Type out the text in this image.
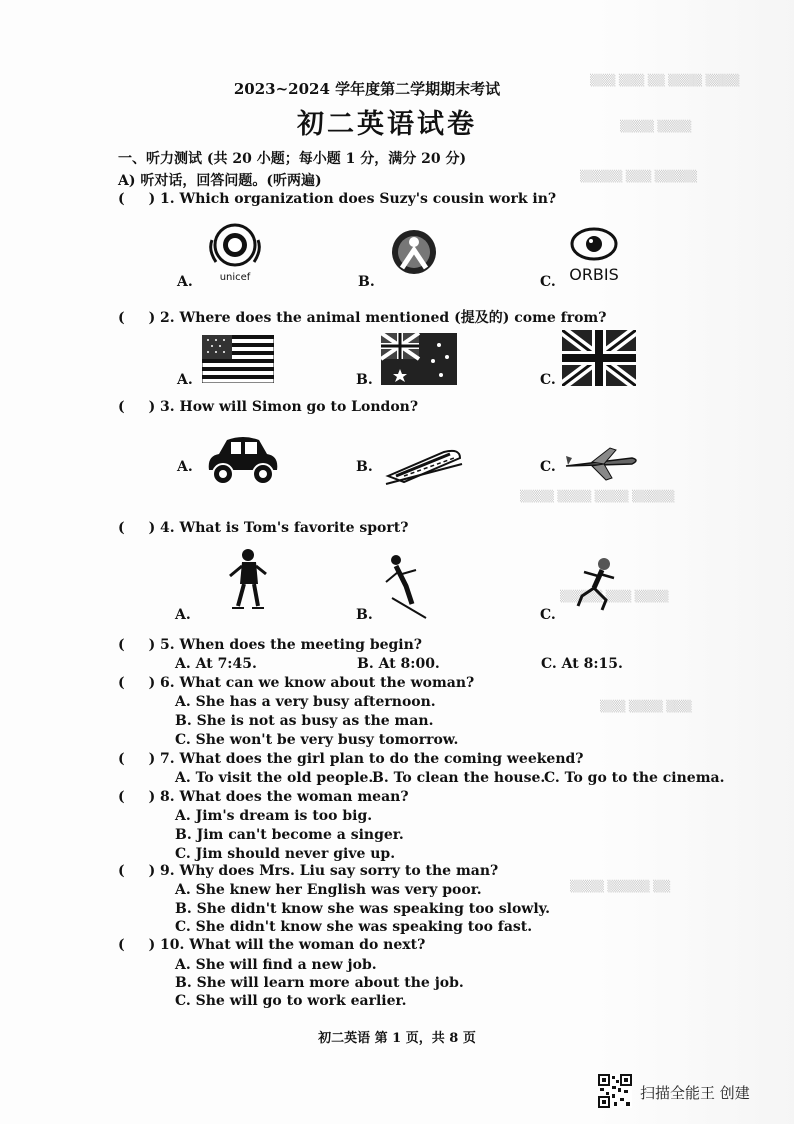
▒▒▒ ▒▒▒ ▒▒ ▒▒▒▒ ▒▒▒▒
▒▒▒▒ ▒▒▒▒
▒▒▒▒▒ ▒▒▒ ▒▒▒▒▒
▒▒▒▒ ▒▒▒▒ ▒▒▒▒ ▒▒▒▒▒
▒▒▒▒▒ ▒▒▒ ▒▒▒▒
▒▒▒ ▒▒▒▒ ▒▒▒
▒▒▒▒ ▒▒▒▒▒ ▒▒
2023~2024 学年度第二学期期末考试
初二英语试卷
一、听力测试 (共 20 小题；每小题 1 分，满分 20 分)
A) 听对话，回答问题。(听两遍)
( ) 1. Which organization does Suzy's cousin work in?
A.	B.	C.
unicef	ORBIS
( ) 2. Where does the animal mentioned (提及的) come from?
A.	B.	C.
( ) 3. How will Simon go to London?
A.	B.	C.
( ) 4. What is Tom's favorite sport?
A.	B.	C.
( ) 5. When does the meeting begin?
A. At 7:45.	B. At 8:00.	C. At 8:15.
( ) 6. What can we know about the woman?
A. She has a very busy afternoon.
B. She is not as busy as the man.
C. She won't be very busy tomorrow.
( ) 7. What does the girl plan to do the coming weekend?
A. To visit the old people.
B. To clean the house.
C. To go to the cinema.
( ) 8. What does the woman mean?
A. Jim's dream is too big.
B. Jim can't become a singer.
C. Jim should never give up.
( ) 9. Why does Mrs. Liu say sorry to the man?
A. She knew her English was very poor.
B. She didn't know she was speaking too slowly.
C. She didn't know she was speaking too fast.
( ) 10. What will the woman do next?
A. She will find a new job.
B. She will learn more about the job.
C. She will go to work earlier.
初二英语 第 1 页，共 8 页
扫描全能王 创建
